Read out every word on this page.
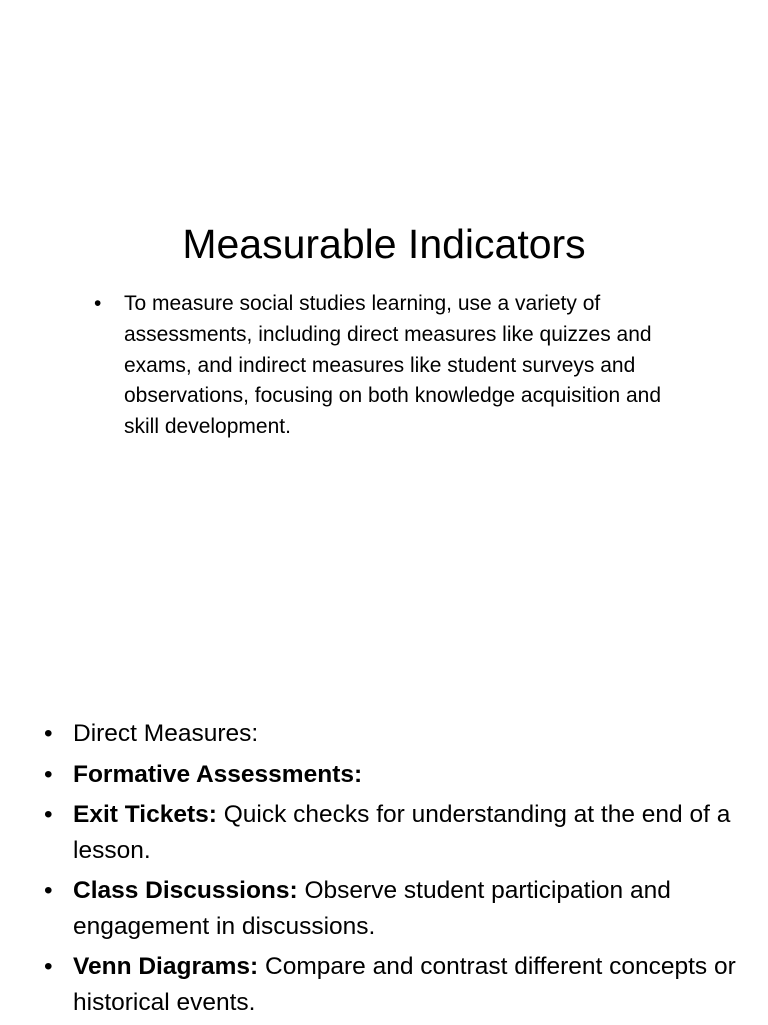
Measurable Indicators
• To measure social studies learning, use a variety of assessments, including direct measures like quizzes and exams, and indirect measures like student surveys and observations, focusing on both knowledge acquisition and skill development.
• Direct Measures:
• Formative Assessments:
• Exit Tickets: Quick checks for understanding at the end of a lesson.
• Class Discussions: Observe student participation and engagement in discussions.
• Venn Diagrams: Compare and contrast different concepts or historical events.
